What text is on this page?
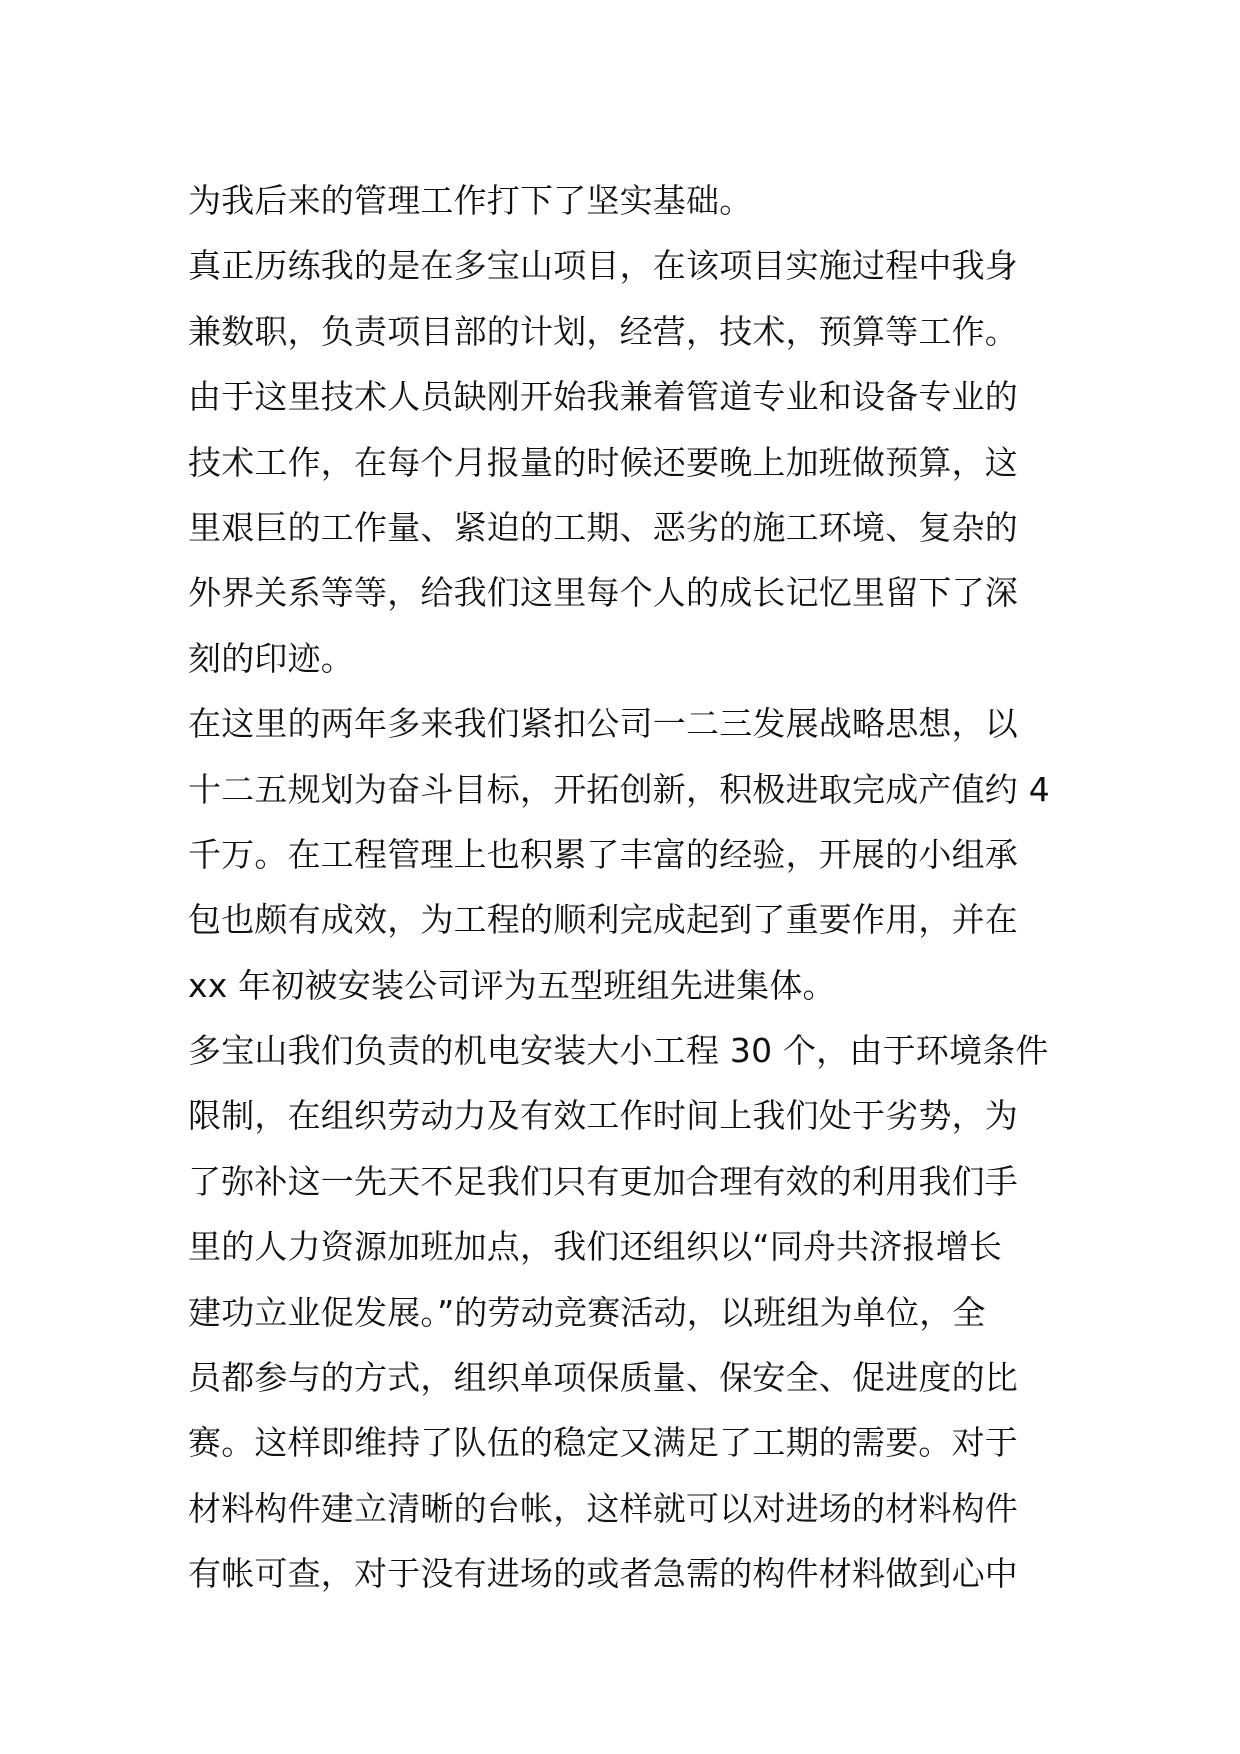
为我后来的管理工作打下了坚实基础。
真正历练我的是在多宝山项目，在该项目实施过程中我身
兼数职，负责项目部的计划，经营，技术，预算等工作。
由于这里技术人员缺刚开始我兼着管道专业和设备专业的
技术工作，在每个月报量的时候还要晚上加班做预算，这
里艰巨的工作量、紧迫的工期、恶劣的施工环境、复杂的
外界关系等等，给我们这里每个人的成长记忆里留下了深
刻的印迹。
在这里的两年多来我们紧扣公司一二三发展战略思想，以
十二五规划为奋斗目标，开拓创新，积极进取完成产值约 4
千万。在工程管理上也积累了丰富的经验，开展的小组承
包也颇有成效，为工程的顺利完成起到了重要作用，并在
xx 年初被安装公司评为五型班组先进集体。
多宝山我们负责的机电安装大小工程 30 个，由于环境条件
限制，在组织劳动力及有效工作时间上我们处于劣势，为
了弥补这一先天不足我们只有更加合理有效的利用我们手
里的人力资源加班加点，我们还组织以“同舟共济报增长
建功立业促发展。”的劳动竞赛活动，以班组为单位，全
员都参与的方式，组织单项保质量、保安全、促进度的比
赛。这样即维持了队伍的稳定又满足了工期的需要。对于
材料构件建立清晰的台帐，这样就可以对进场的材料构件
有帐可查，对于没有进场的或者急需的构件材料做到心中
